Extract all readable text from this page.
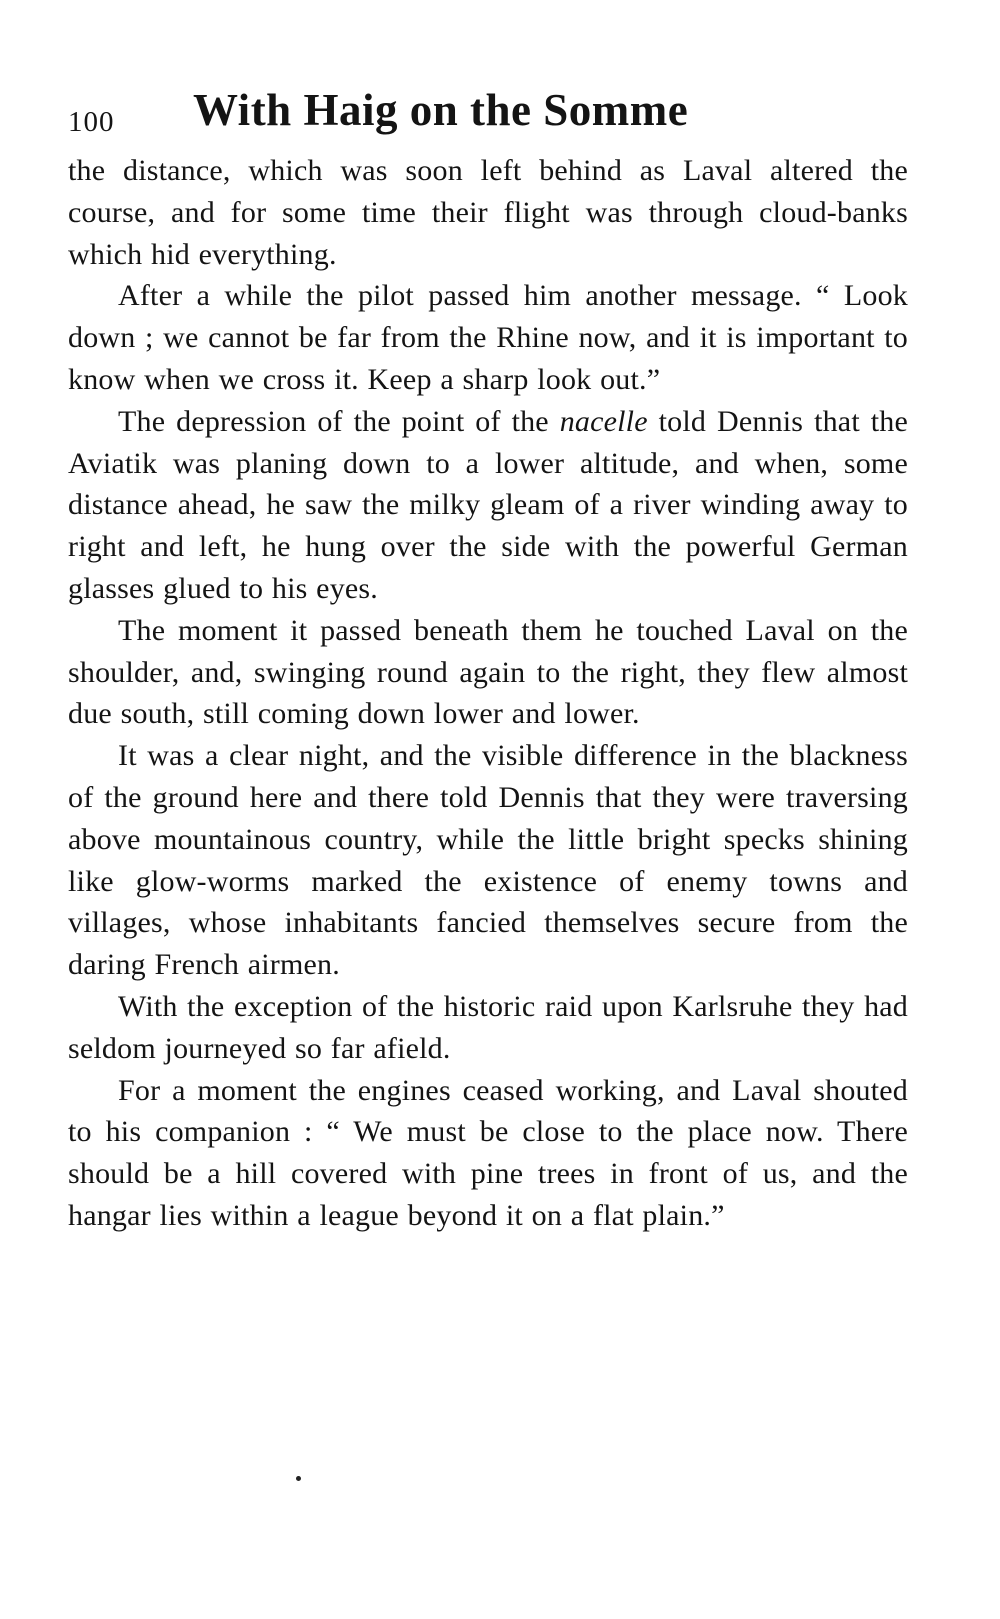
100 With Haig on the Somme

the distance, which was soon left behind as Laval altered the course, and for some time their flight was through cloud-banks which hid everything.

After a while the pilot passed him another message. “ Look down ; we cannot be far from the Rhine now, and it is important to know when we cross it. Keep a sharp look out.”

The depression of the point of the nacelle told Dennis that the Aviatik was planing down to a lower altitude, and when, some distance ahead, he saw the milky gleam of a river winding away to right and left, he hung over the side with the powerful German glasses glued to his eyes.

The moment it passed beneath them he touched Laval on the shoulder, and, swinging round again to the right, they flew almost due south, still coming down lower and lower.

It was a clear night, and the visible difference in the blackness of the ground here and there told Dennis that they were traversing above mountainous country, while the little bright specks shining like glow-worms marked the existence of enemy towns and villages, whose inhabitants fancied themselves secure from the daring French airmen.

With the exception of the historic raid upon Karlsruhe they had seldom journeyed so far afield.

For a moment the engines ceased working, and Laval shouted to his companion : “ We must be close to the place now. There should be a hill covered with pine trees in front of us, and the hangar lies within a league beyond it on a flat plain.”
